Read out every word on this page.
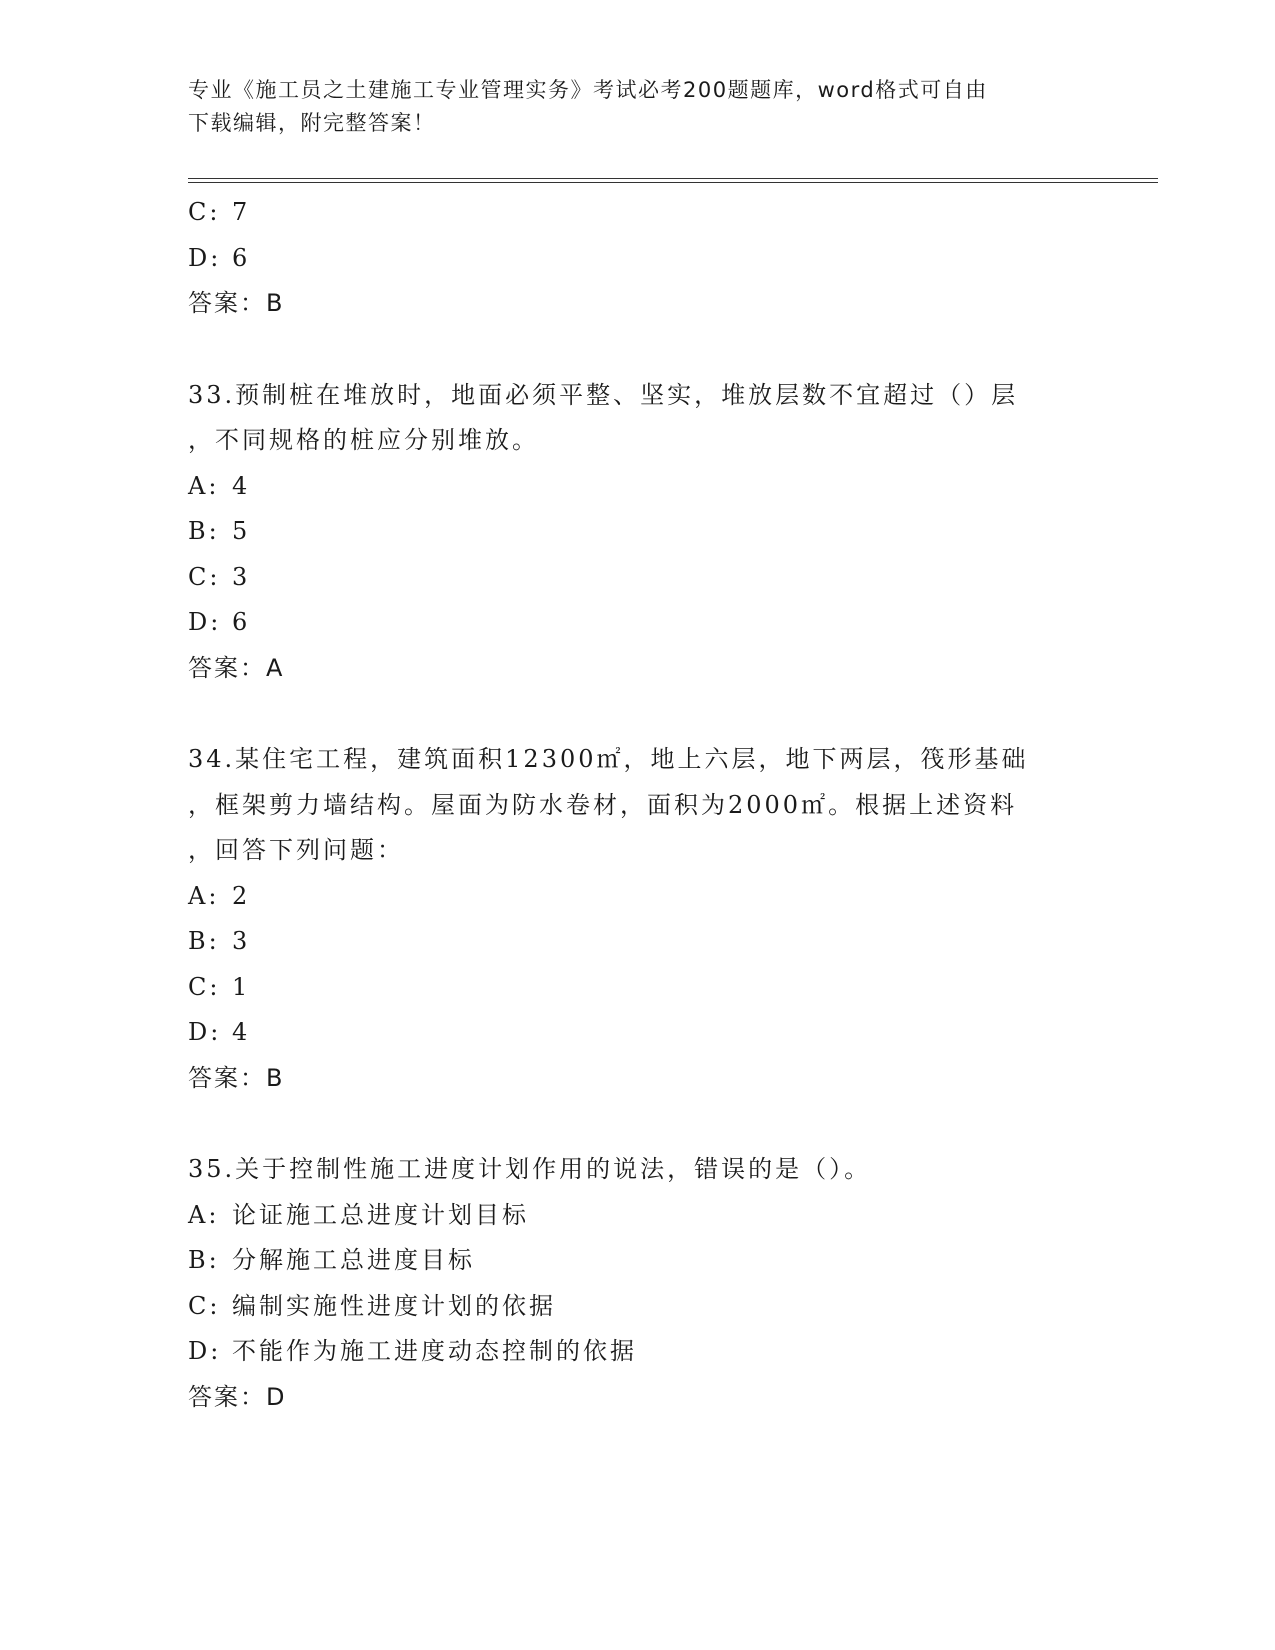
专业《施工员之土建施工专业管理实务》考试必考200题题库，word格式可自由
下载编辑，附完整答案！
C: 7
D: 6
答案：B
33.预制桩在堆放时，地面必须平整、坚实，堆放层数不宜超过（）层
，不同规格的桩应分别堆放。
A: 4
B: 5
C: 3
D: 6
答案：A
34.某住宅工程，建筑面积12300㎡，地上六层，地下两层，筏形基础
，框架剪力墙结构。屋面为防水卷材，面积为2000㎡。根据上述资料
，回答下列问题：
A: 2
B: 3
C: 1
D: 4
答案：B
35.关于控制性施工进度计划作用的说法，错误的是（）。
A: 论证施工总进度计划目标
B: 分解施工总进度目标
C: 编制实施性进度计划的依据
D: 不能作为施工进度动态控制的依据
答案：D
